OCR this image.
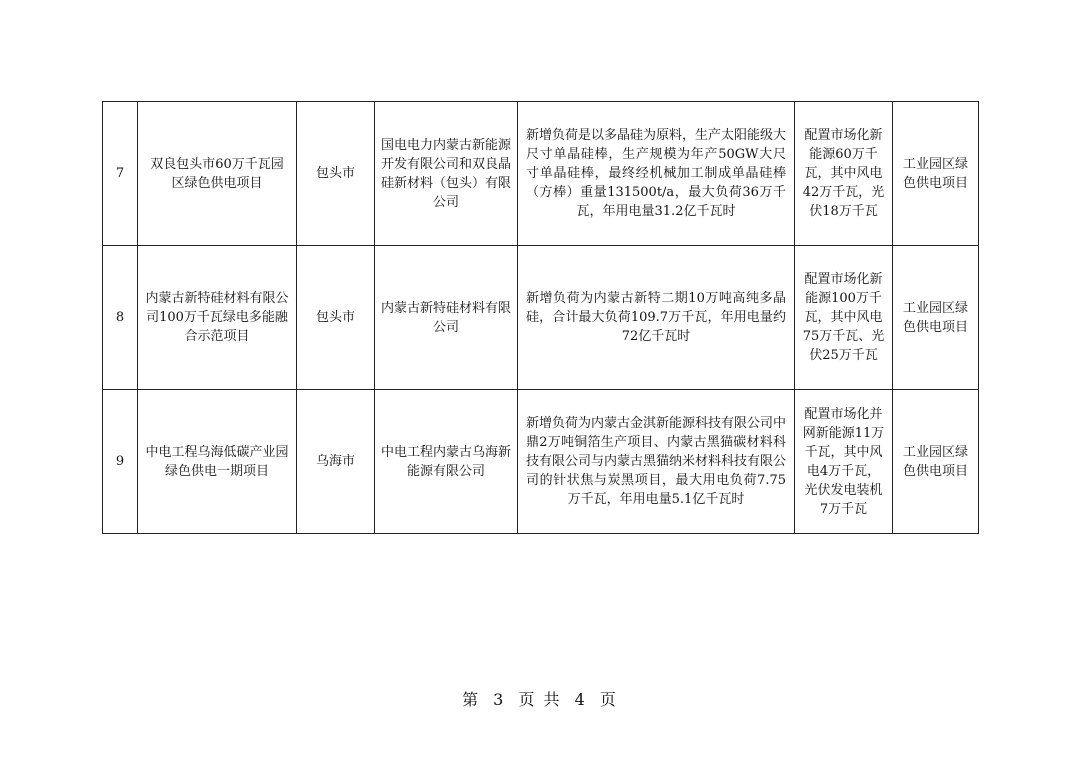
7	双良包头市60万千瓦园区绿色供电项目	包头市	国电电力内蒙古新能源开发有限公司和双良晶硅新材料（包头）有限公司	新增负荷是以多晶硅为原料，生产太阳能级大尺寸单晶硅棒，生产规模为年产50GW大尺寸单晶硅棒，最终经机械加工制成单晶硅棒（方棒）重量131500t/a，最大负荷36万千瓦，年用电量31.2亿千瓦时	配置市场化新能源60万千瓦，其中风电42万千瓦，光伏18万千瓦	工业园区绿色供电项目
8	内蒙古新特硅材料有限公司100万千瓦绿电多能融合示范项目	包头市	内蒙古新特硅材料有限公司	新增负荷为内蒙古新特二期10万吨高纯多晶硅，合计最大负荷109.7万千瓦，年用电量约72亿千瓦时	配置市场化新能源100万千瓦，其中风电75万千瓦、光伏25万千瓦	工业园区绿色供电项目
9	中电工程乌海低碳产业园绿色供电一期项目	乌海市	中电工程内蒙古乌海新能源有限公司	新增负荷为内蒙古金淇新能源科技有限公司中鼎2万吨铜箔生产项目、内蒙古黑猫碳材料科技有限公司与内蒙古黑猫纳米材料科技有限公司的针状焦与炭黑项目，最大用电负荷7.75万千瓦，年用电量5.1亿千瓦时	配置市场化并网新能源11万千瓦，其中风电4万千瓦，光伏发电装机7万千瓦	工业园区绿色供电项目
第 3 页 共 4 页
